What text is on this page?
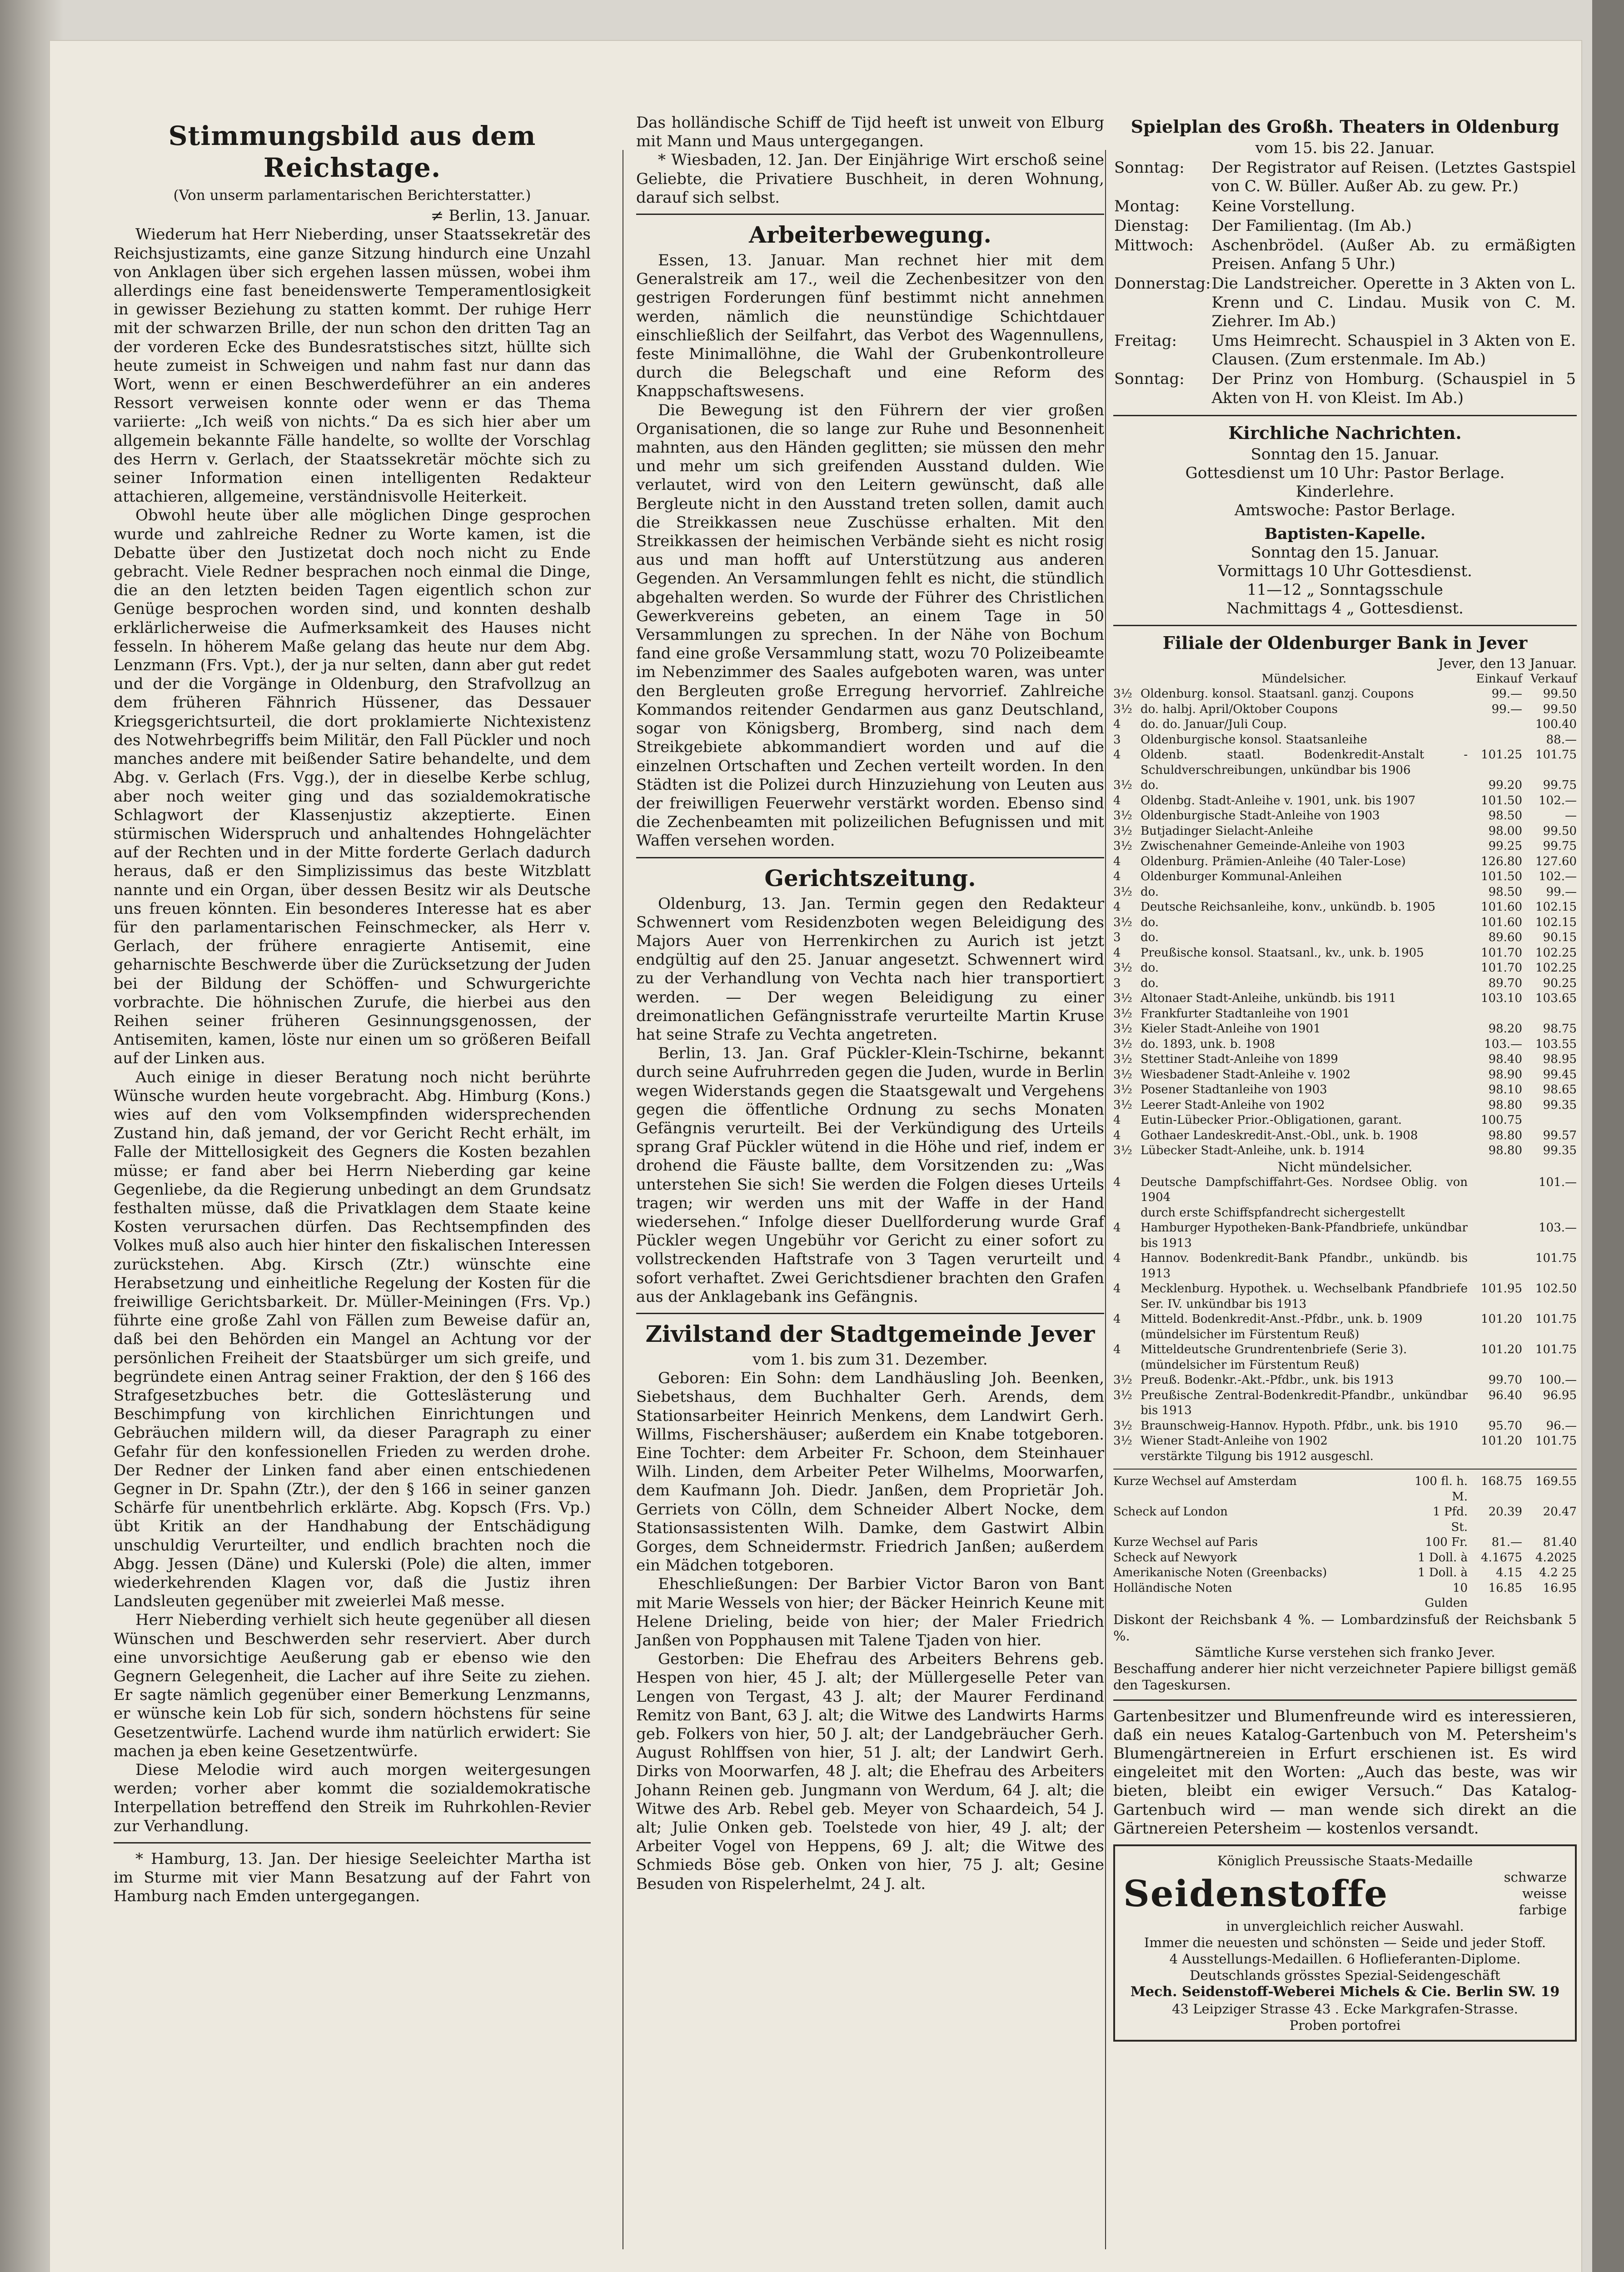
Stimmungsbild aus dem Reichstage.
(Von unserm parlamentarischen Berichterstatter.)
≠ Berlin, 13. Januar.

Wiederum hat Herr Nieberding, unser Staatssekretär des Reichsjustizamts, eine ganze Sitzung hindurch eine Unzahl von Anklagen über sich ergehen lassen müssen, wobei ihm allerdings eine fast beneidenswerte Temperamentlosigkeit in gewisser Beziehung zu statten kommt. Der ruhige Herr mit der schwarzen Brille, der nun schon den dritten Tag an der vorderen Ecke des Bundesratstisches sitzt, hüllte sich heute zumeist in Schweigen und nahm fast nur dann das Wort, wenn er einen Beschwerdeführer an ein anderes Ressort verweisen konnte oder wenn er das Thema variierte: „Ich weiß von nichts.“ Da es sich hier aber um allgemein bekannte Fälle handelte, so wollte der Vorschlag des Herrn v. Gerlach, der Staatssekretär möchte sich zu seiner Information einen intelligenten Redakteur attachieren, allgemeine, verständnisvolle Heiterkeit.

Obwohl heute über alle möglichen Dinge gesprochen wurde und zahlreiche Redner zu Worte kamen, ist die Debatte über den Justizetat doch noch nicht zu Ende gebracht. Viele Redner besprachen noch einmal die Dinge, die an den letzten beiden Tagen eigentlich schon zur Genüge besprochen worden sind, und konnten deshalb erklärlicherweise die Aufmerksamkeit des Hauses nicht fesseln. In höherem Maße gelang das heute nur dem Abg. Lenzmann (Frs. Vpt.), der ja nur selten, dann aber gut redet und der die Vorgänge in Oldenburg, den Strafvollzug an dem früheren Fähnrich Hüssener, das Dessauer Kriegsgerichtsurteil, die dort proklamierte Nichtexistenz des Notwehrbegriffs beim Militär, den Fall Pückler und noch manches andere mit beißender Satire behandelte, und dem Abg. v. Gerlach (Frs. Vgg.), der in dieselbe Kerbe schlug, aber noch weiter ging und das sozialdemokratische Schlagwort der Klassenjustiz akzeptierte. Einen stürmischen Widerspruch und anhaltendes Hohngelächter auf der Rechten und in der Mitte forderte Gerlach dadurch heraus, daß er den Simplizissimus das beste Witzblatt nannte und ein Organ, über dessen Besitz wir als Deutsche uns freuen könnten. Ein besonderes Interesse hat es aber für den parlamentarischen Feinschmecker, als Herr v. Gerlach, der frühere enragierte Antisemit, eine geharnischte Beschwerde über die Zurücksetzung der Juden bei der Bildung der Schöffen- und Schwurgerichte vorbrachte. Die höhnischen Zurufe, die hierbei aus den Reihen seiner früheren Gesinnungsgenossen, der Antisemiten, kamen, löste nur einen um so größeren Beifall auf der Linken aus.

Auch einige in dieser Beratung noch nicht berührte Wünsche wurden heute vorgebracht. Abg. Himburg (Kons.) wies auf den vom Volksempfinden widersprechenden Zustand hin, daß jemand, der vor Gericht Recht erhält, im Falle der Mittellosigkeit des Gegners die Kosten bezahlen müsse; er fand aber bei Herrn Nieberding gar keine Gegenliebe, da die Regierung unbedingt an dem Grundsatz festhalten müsse, daß die Privatklagen dem Staate keine Kosten verursachen dürfen. Das Rechtsempfinden des Volkes muß also auch hier hinter den fiskalischen Interessen zurückstehen. Abg. Kirsch (Ztr.) wünschte eine Herabsetzung und einheitliche Regelung der Kosten für die freiwillige Gerichtsbarkeit. Dr. Müller-Meiningen (Frs. Vp.) führte eine große Zahl von Fällen zum Beweise dafür an, daß bei den Behörden ein Mangel an Achtung vor der persönlichen Freiheit der Staatsbürger um sich greife, und begründete einen Antrag seiner Fraktion, der den § 166 des Strafgesetzbuches betr. die Gotteslästerung und Beschimpfung von kirchlichen Einrichtungen und Gebräuchen mildern will, da dieser Paragraph zu einer Gefahr für den konfessionellen Frieden zu werden drohe. Der Redner der Linken fand aber einen entschiedenen Gegner in Dr. Spahn (Ztr.), der den § 166 in seiner ganzen Schärfe für unentbehrlich erklärte. Abg. Kopsch (Frs. Vp.) übt Kritik an der Handhabung der Entschädigung unschuldig Verurteilter, und endlich brachten noch die Abgg. Jessen (Däne) und Kulerski (Pole) die alten, immer wiederkehrenden Klagen vor, daß die Justiz ihren Landsleuten gegenüber mit zweierlei Maß messe.

Herr Nieberding verhielt sich heute gegenüber all diesen Wünschen und Beschwerden sehr reserviert. Aber durch eine unvorsichtige Aeußerung gab er ebenso wie den Gegnern Gelegenheit, die Lacher auf ihre Seite zu ziehen. Er sagte nämlich gegenüber einer Bemerkung Lenzmanns, er wünsche kein Lob für sich, sondern höchstens für seine Gesetzentwürfe. Lachend wurde ihm natürlich erwidert: Sie machen ja eben keine Gesetzentwürfe.

Diese Melodie wird auch morgen weitergesungen werden; vorher aber kommt die sozialdemokratische Interpellation betreffend den Streik im Ruhrkohlen-Revier zur Verhandlung.

* Hamburg, 13. Jan. Der hiesige Seeleichter Martha ist im Sturme mit vier Mann Besatzung auf der Fahrt von Hamburg nach Emden untergegangen.

Das holländische Schiff de Tijd heeft ist unweit von Elburg mit Mann und Maus untergegangen.

* Wiesbaden, 12. Jan. Der Einjährige Wirt erschoß seine Geliebte, die Privatiere Buschheit, in deren Wohnung, darauf sich selbst.

Arbeiterbewegung.

Essen, 13. Januar. Man rechnet hier mit dem Generalstreik am 17., weil die Zechenbesitzer von den gestrigen Forderungen fünf bestimmt nicht annehmen werden, nämlich die neunstündige Schichtdauer einschließlich der Seilfahrt, das Verbot des Wagennullens, feste Minimallöhne, die Wahl der Grubenkontrolleure durch die Belegschaft und eine Reform des Knappschaftswesens.

Die Bewegung ist den Führern der vier großen Organisationen, die so lange zur Ruhe und Besonnenheit mahnten, aus den Händen geglitten; sie müssen den mehr und mehr um sich greifenden Ausstand dulden. Wie verlautet, wird von den Leitern gewünscht, daß alle Bergleute nicht in den Ausstand treten sollen, damit auch die Streikkassen neue Zuschüsse erhalten. Mit den Streikkassen der heimischen Verbände sieht es nicht rosig aus und man hofft auf Unterstützung aus anderen Gegenden. An Versammlungen fehlt es nicht, die stündlich abgehalten werden. So wurde der Führer des Christlichen Gewerkvereins gebeten, an einem Tage in 50 Versammlungen zu sprechen. In der Nähe von Bochum fand eine große Versammlung statt, wozu 70 Polizeibeamte im Nebenzimmer des Saales aufgeboten waren, was unter den Bergleuten große Erregung hervorrief. Zahlreiche Kommandos reitender Gendarmen aus ganz Deutschland, sogar von Königsberg, Bromberg, sind nach dem Streikgebiete abkommandiert worden und auf die einzelnen Ortschaften und Zechen verteilt worden. In den Städten ist die Polizei durch Hinzuziehung von Leuten aus der freiwilligen Feuerwehr verstärkt worden. Ebenso sind die Zechenbeamten mit polizeilichen Befugnissen und mit Waffen versehen worden.

Gerichtszeitung.

Oldenburg, 13. Jan. Termin gegen den Redakteur Schwennert vom Residenzboten wegen Beleidigung des Majors Auer von Herrenkirchen zu Aurich ist jetzt endgültig auf den 25. Januar angesetzt. Schwennert wird zu der Verhandlung von Vechta nach hier transportiert werden. — Der wegen Beleidigung zu einer dreimonatlichen Gefängnisstrafe verurteilte Martin Kruse hat seine Strafe zu Vechta angetreten.

Berlin, 13. Jan. Graf Pückler-Klein-Tschirne, bekannt durch seine Aufruhrreden gegen die Juden, wurde in Berlin wegen Widerstands gegen die Staatsgewalt und Vergehens gegen die öffentliche Ordnung zu sechs Monaten Gefängnis verurteilt. Bei der Verkündigung des Urteils sprang Graf Pückler wütend in die Höhe und rief, indem er drohend die Fäuste ballte, dem Vorsitzenden zu: „Was unterstehen Sie sich! Sie werden die Folgen dieses Urteils tragen; wir werden uns mit der Waffe in der Hand wiedersehen.“ Infolge dieser Duellforderung wurde Graf Pückler wegen Ungebühr vor Gericht zu einer sofort zu vollstreckenden Haftstrafe von 3 Tagen verurteilt und sofort verhaftet. Zwei Gerichtsdiener brachten den Grafen aus der Anklagebank ins Gefängnis.

Zivilstand der Stadtgemeinde Jever
vom 1. bis zum 31. Dezember.

Geboren: Ein Sohn: dem Landhäusling Joh. Beenken, Siebetshaus, dem Buchhalter Gerh. Arends, dem Stationsarbeiter Heinrich Menkens, dem Landwirt Gerh. Willms, Fischershäuser; außerdem ein Knabe totgeboren. Eine Tochter: dem Arbeiter Fr. Schoon, dem Steinhauer Wilh. Linden, dem Arbeiter Peter Wilhelms, Moorwarfen, dem Kaufmann Joh. Diedr. Janßen, dem Proprietär Joh. Gerriets von Cölln, dem Schneider Albert Nocke, dem Stationsassistenten Wilh. Damke, dem Gastwirt Albin Gorges, dem Schneidermstr. Friedrich Janßen; außerdem ein Mädchen totgeboren.

Eheschließungen: Der Barbier Victor Baron von Bant mit Marie Wessels von hier; der Bäcker Heinrich Keune mit Helene Drieling, beide von hier; der Maler Friedrich Janßen von Popphausen mit Talene Tjaden von hier.

Gestorben: Die Ehefrau des Arbeiters Behrens geb. Hespen von hier, 45 J. alt; der Müllergeselle Peter van Lengen von Tergast, 43 J. alt; der Maurer Ferdinand Remitz von Bant, 63 J. alt; die Witwe des Landwirts Harms geb. Folkers von hier, 50 J. alt; der Landgebräucher Gerh. August Rohlffsen von hier, 51 J. alt; der Landwirt Gerh. Dirks von Moorwarfen, 48 J. alt; die Ehefrau des Arbeiters Johann Reinen geb. Jungmann von Werdum, 64 J. alt; die Witwe des Arb. Rebel geb. Meyer von Schaardeich, 54 J. alt; Julie Onken geb. Toelstede von hier, 49 J. alt; der Arbeiter Vogel von Heppens, 69 J. alt; die Witwe des Schmieds Böse geb. Onken von hier, 75 J. alt; Gesine Besuden von Rispelerhelmt, 24 J. alt.

Spielplan des Großh. Theaters in Oldenburg
vom 15. bis 22. Januar.
Sonntag:	Der Registrator auf Reisen. (Letztes Gastspiel von C. W. Büller. Außer Ab. zu gew. Pr.)
Montag:	Keine Vorstellung.
Dienstag:	Der Familientag. (Im Ab.)
Mittwoch:	Aschenbrödel. (Außer Ab. zu ermäßigten Preisen. Anfang 5 Uhr.)
Donnerstag:	Die Landstreicher. Operette in 3 Akten von L. Krenn und C. Lindau. Musik von C. M. Ziehrer. Im Ab.)
Freitag:	Ums Heimrecht. Schauspiel in 3 Akten von E. Clausen. (Zum erstenmale. Im Ab.)
Sonntag:	Der Prinz von Homburg. (Schauspiel in 5 Akten von H. von Kleist. Im Ab.)
Kirchliche Nachrichten.
Sonntag den 15. Januar.
Gottesdienst um 10 Uhr: Pastor Berlage.
Kinderlehre.
Amtswoche: Pastor Berlage.
Baptisten-Kapelle.
Sonntag den 15. Januar.
Vormittags 10 Uhr Gottesdienst.
11—12 „ Sonntagsschule
Nachmittags 4 „ Gottesdienst.
Filiale der Oldenburger Bank in Jever
Jever, den 13 Januar.
	Mündelsicher.	Einkauf	Verkauf
3½	Oldenburg. konsol. Staatsanl. ganzj. Coupons	99.—	99.50
3½	do. halbj. April/Oktober Coupons	99.—	99.50
4	do. do. Januar/Juli Coup.		100.40
3	Oldenburgische konsol. Staatsanleihe		88.—
4	Oldenb. staatl. Bodenkredit-Anstalt - Schuldverschreibungen, unkündbar bis 1906	101.25	101.75
3½	do.	99.20	99.75
4	Oldenbg. Stadt-Anleihe v. 1901, unk. bis 1907	101.50	102.—
3½	Oldenburgische Stadt-Anleihe von 1903	98.50	—
3½	Butjadinger Sielacht-Anleihe	98.00	99.50
3½	Zwischenahner Gemeinde-Anleihe von 1903	99.25	99.75
4	Oldenburg. Prämien-Anleihe (40 Taler-Lose)	126.80	127.60
4	Oldenburger Kommunal-Anleihen	101.50	102.—
3½	do.	98.50	99.—
4	Deutsche Reichsanleihe, konv., unkündb. b. 1905	101.60	102.15
3½	do.	101.60	102.15
3	do.	89.60	90.15
4	Preußische konsol. Staatsanl., kv., unk. b. 1905	101.70	102.25
3½	do.	101.70	102.25
3	do.	89.70	90.25
3½	Altonaer Stadt-Anleihe, unkündb. bis 1911	103.10	103.65
3½	Frankfurter Stadtanleihe von 1901		
3½	Kieler Stadt-Anleihe von 1901	98.20	98.75
3½	do. 1893, unk. b. 1908	103.—	103.55
3½	Stettiner Stadt-Anleihe von 1899	98.40	98.95
3½	Wiesbadener Stadt-Anleihe v. 1902	98.90	99.45
3½	Posener Stadtanleihe von 1903	98.10	98.65
3½	Leerer Stadt-Anleihe von 1902	98.80	99.35
4	Eutin-Lübecker Prior.-Obligationen, garant.	100.75	
4	Gothaer Landeskredit-Anst.-Obl., unk. b. 1908	98.80	99.57
3½	Lübecker Stadt-Anleihe, unk. b. 1914	98.80	99.35
Nicht mündelsicher.
4	Deutsche Dampfschiffahrt-Ges. Nordsee Oblig. von 1904		101.—
	durch erste Schiffspfandrecht sichergestellt		
4	Hamburger Hypotheken-Bank-Pfandbriefe, unkündbar bis 1913		103.—
4	Hannov. Bodenkredit-Bank Pfandbr., unkündb. bis 1913		101.75
4	Mecklenburg. Hypothek. u. Wechselbank Pfandbriefe Ser. IV. unkündbar bis 1913	101.95	102.50
4	Mitteld. Bodenkredit-Anst.-Pfdbr., unk. b. 1909	101.20	101.75
	(mündelsicher im Fürstentum Reuß)		
4	Mitteldeutsche Grundrentenbriefe (Serie 3).	101.20	101.75
	(mündelsicher im Fürstentum Reuß)		
3½	Preuß. Bodenkr.-Akt.-Pfdbr., unk. bis 1913	99.70	100.—
3½	Preußische Zentral-Bodenkredit-Pfandbr., unkündbar bis 1913	96.40	96.95
3½	Braunschweig-Hannov. Hypoth. Pfdbr., unk. bis 1910	95.70	96.—
3½	Wiener Stadt-Anleihe von 1902	101.20	101.75
	verstärkte Tilgung bis 1912 ausgeschl.		
Kurze Wechsel auf Amsterdam	100 fl. h. M.	168.75	169.55
Scheck auf London	1 Pfd. St.	20.39	20.47
Kurze Wechsel auf Paris	100 Fr.	81.—	81.40
Scheck auf Newyork	1 Doll. à	4.1675	4.2025
Amerikanische Noten (Greenbacks)	1 Doll. à	4.15	4.2 25
Holländische Noten	10 Gulden	16.85	16.95
Diskont der Reichsbank 4 %. — Lombardzinsfuß der Reichsbank 5 %.
Sämtliche Kurse verstehen sich franko Jever.
Beschaffung anderer hier nicht verzeichneter Papiere billigst gemäß den Tageskursen.

Gartenbesitzer und Blumenfreunde wird es interessieren, daß ein neues Katalog-Gartenbuch von M. Petersheim's Blumengärtnereien in Erfurt erschienen ist. Es wird eingeleitet mit den Worten: „Auch das beste, was wir bieten, bleibt ein ewiger Versuch.“ Das Katalog-Gartenbuch wird — man wende sich direkt an die Gärtnereien Petersheim — kostenlos versandt.

Königlich Preussische Staats-Medaille
Seidenstoffe	schwarze
weisse
farbige
in unvergleichlich reicher Auswahl.
Immer die neuesten und schönsten — Seide und jeder Stoff.
4 Ausstellungs-Medaillen. 6 Hoflieferanten-Diplome.
Deutschlands grösstes Spezial-Seidengeschäft
Mech. Seidenstoff-Weberei Michels & Cie. Berlin SW. 19
43 Leipziger Strasse 43 . Ecke Markgrafen-Strasse.
Proben portofrei
